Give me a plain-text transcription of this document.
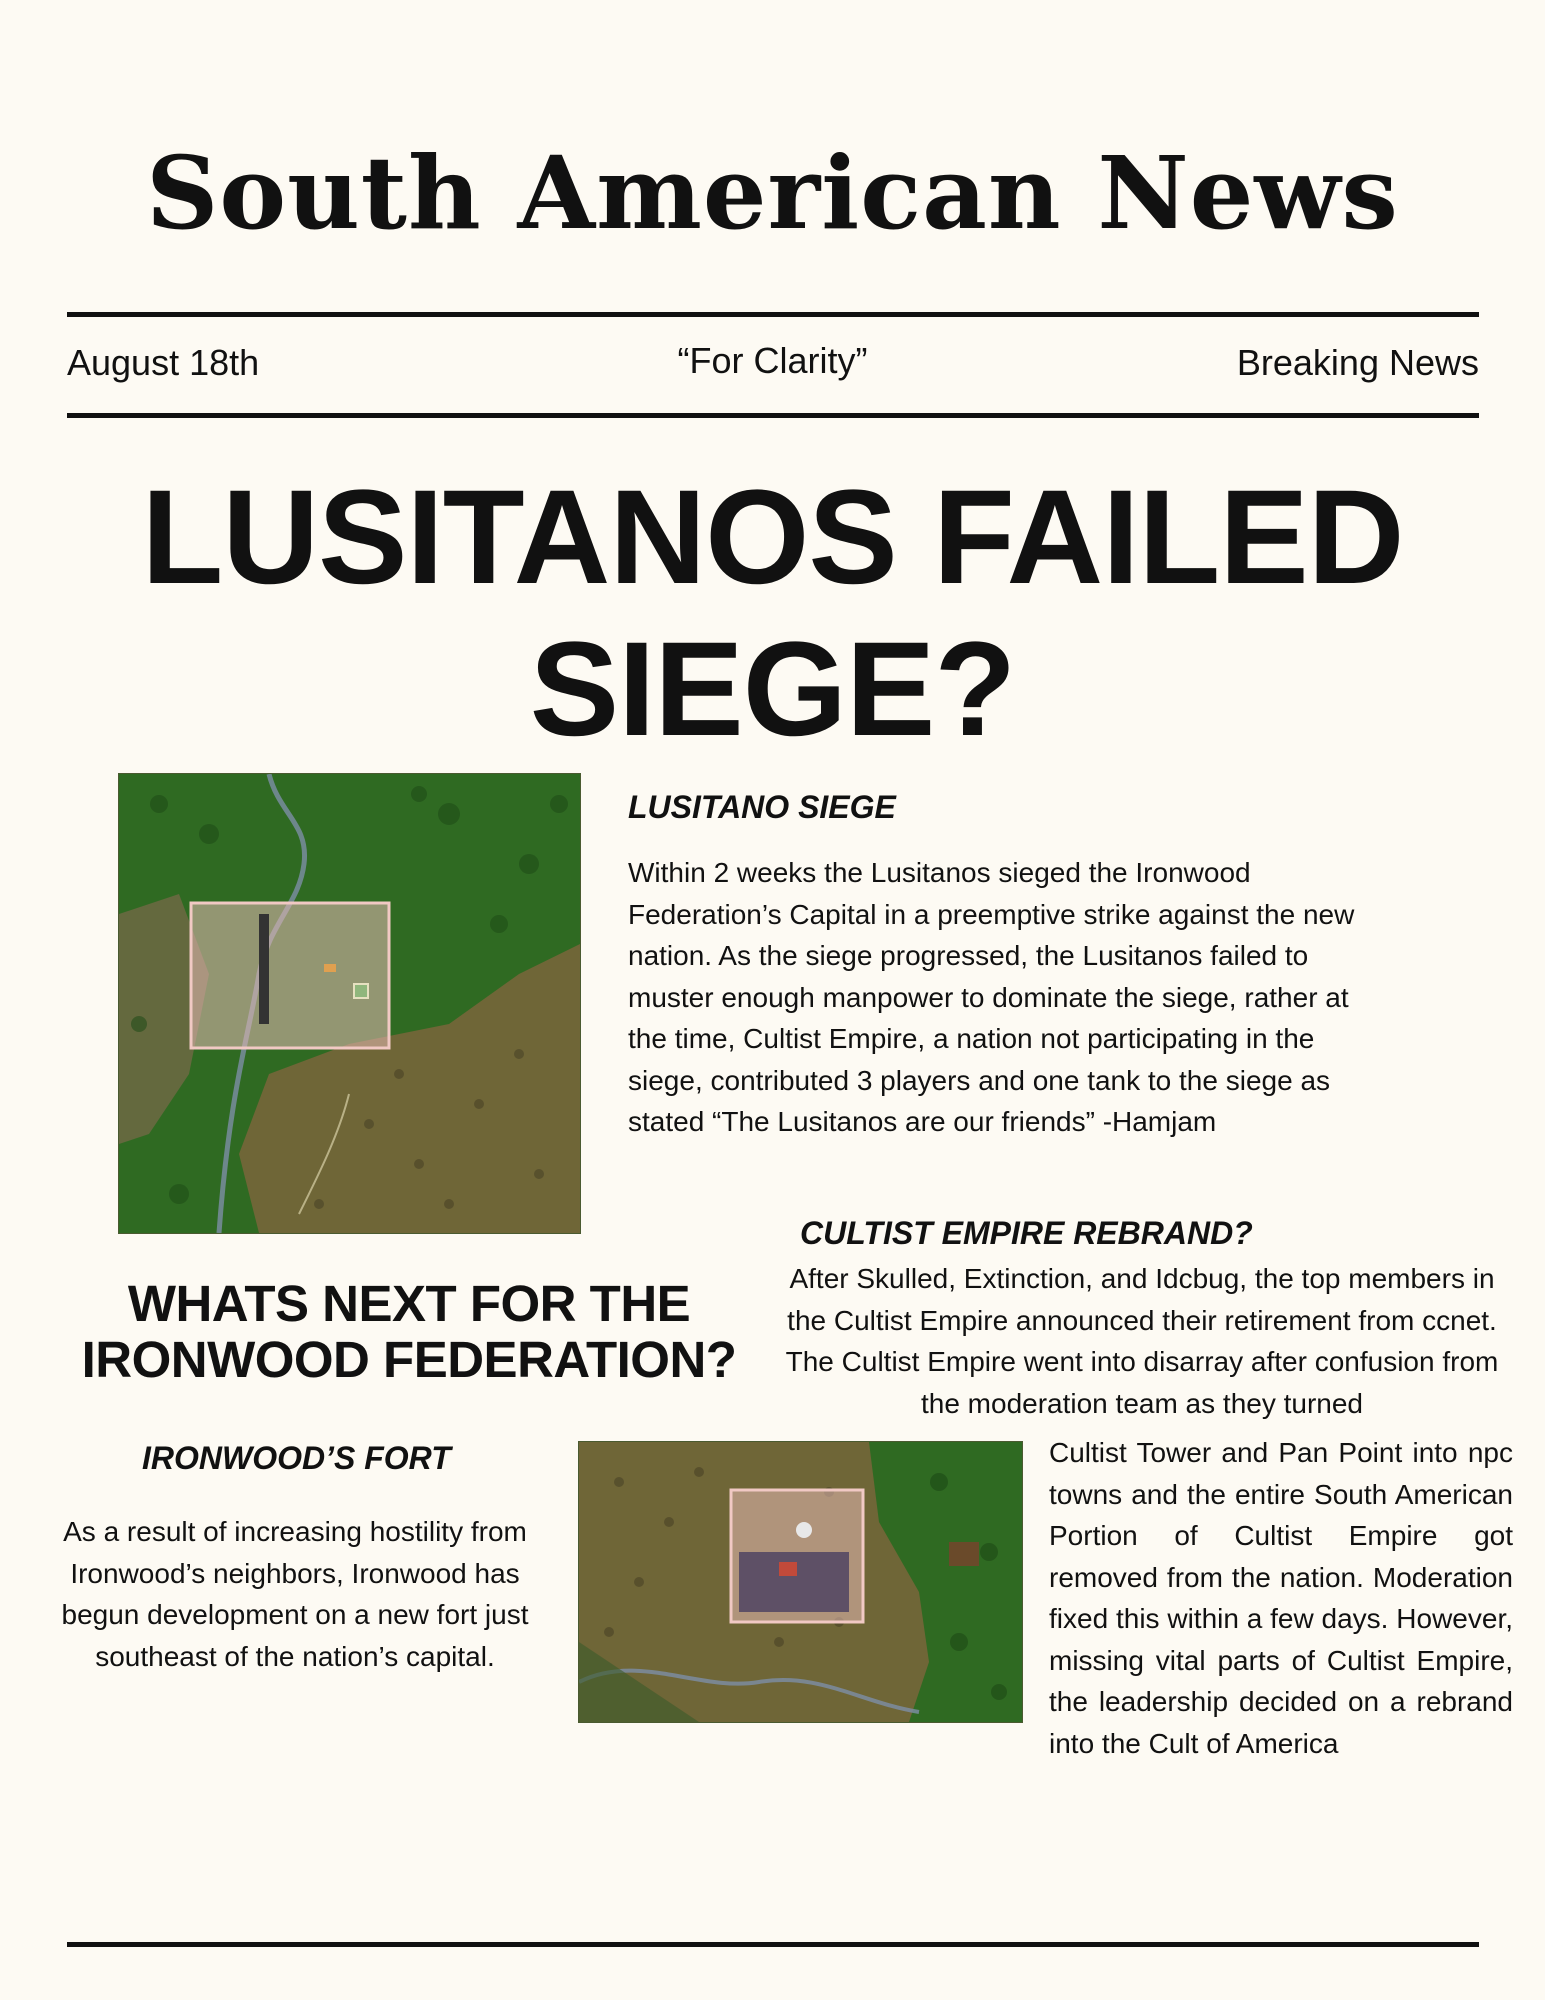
South American News
August 18th	“For Clarity”	Breaking News
LUSITANOS FAILED
SIEGE?
LUSITANO SIEGE
Within 2 weeks the Lusitanos sieged the Ironwood Federation’s Capital in a preemptive strike against the new nation. As the siege progressed, the Lusitanos failed to muster enough manpower to dominate the siege, rather at the time, Cultist Empire, a nation not participating in the siege, contributed 3 players and one tank to the siege as stated “The Lusitanos are our friends” -Hamjam
CULTIST EMPIRE REBRAND?
After Skulled, Extinction, and Idcbug, the top members in the Cultist Empire announced their retirement from ccnet. The Cultist Empire went into disarray after confusion from the moderation team as they turned
Cultist Tower and Pan Point into npc towns and the entire South American Portion of Cultist Empire got removed from the nation. Moderation fixed this within a few days. However, missing vital parts of Cultist Empire, the leadership decided on a rebrand into the Cult of America
WHATS NEXT FOR THE
IRONWOOD FEDERATION?
IRONWOOD’S FORT
As a result of increasing hostility from Ironwood’s neighbors, Ironwood has begun development on a new fort just southeast of the nation’s capital.
